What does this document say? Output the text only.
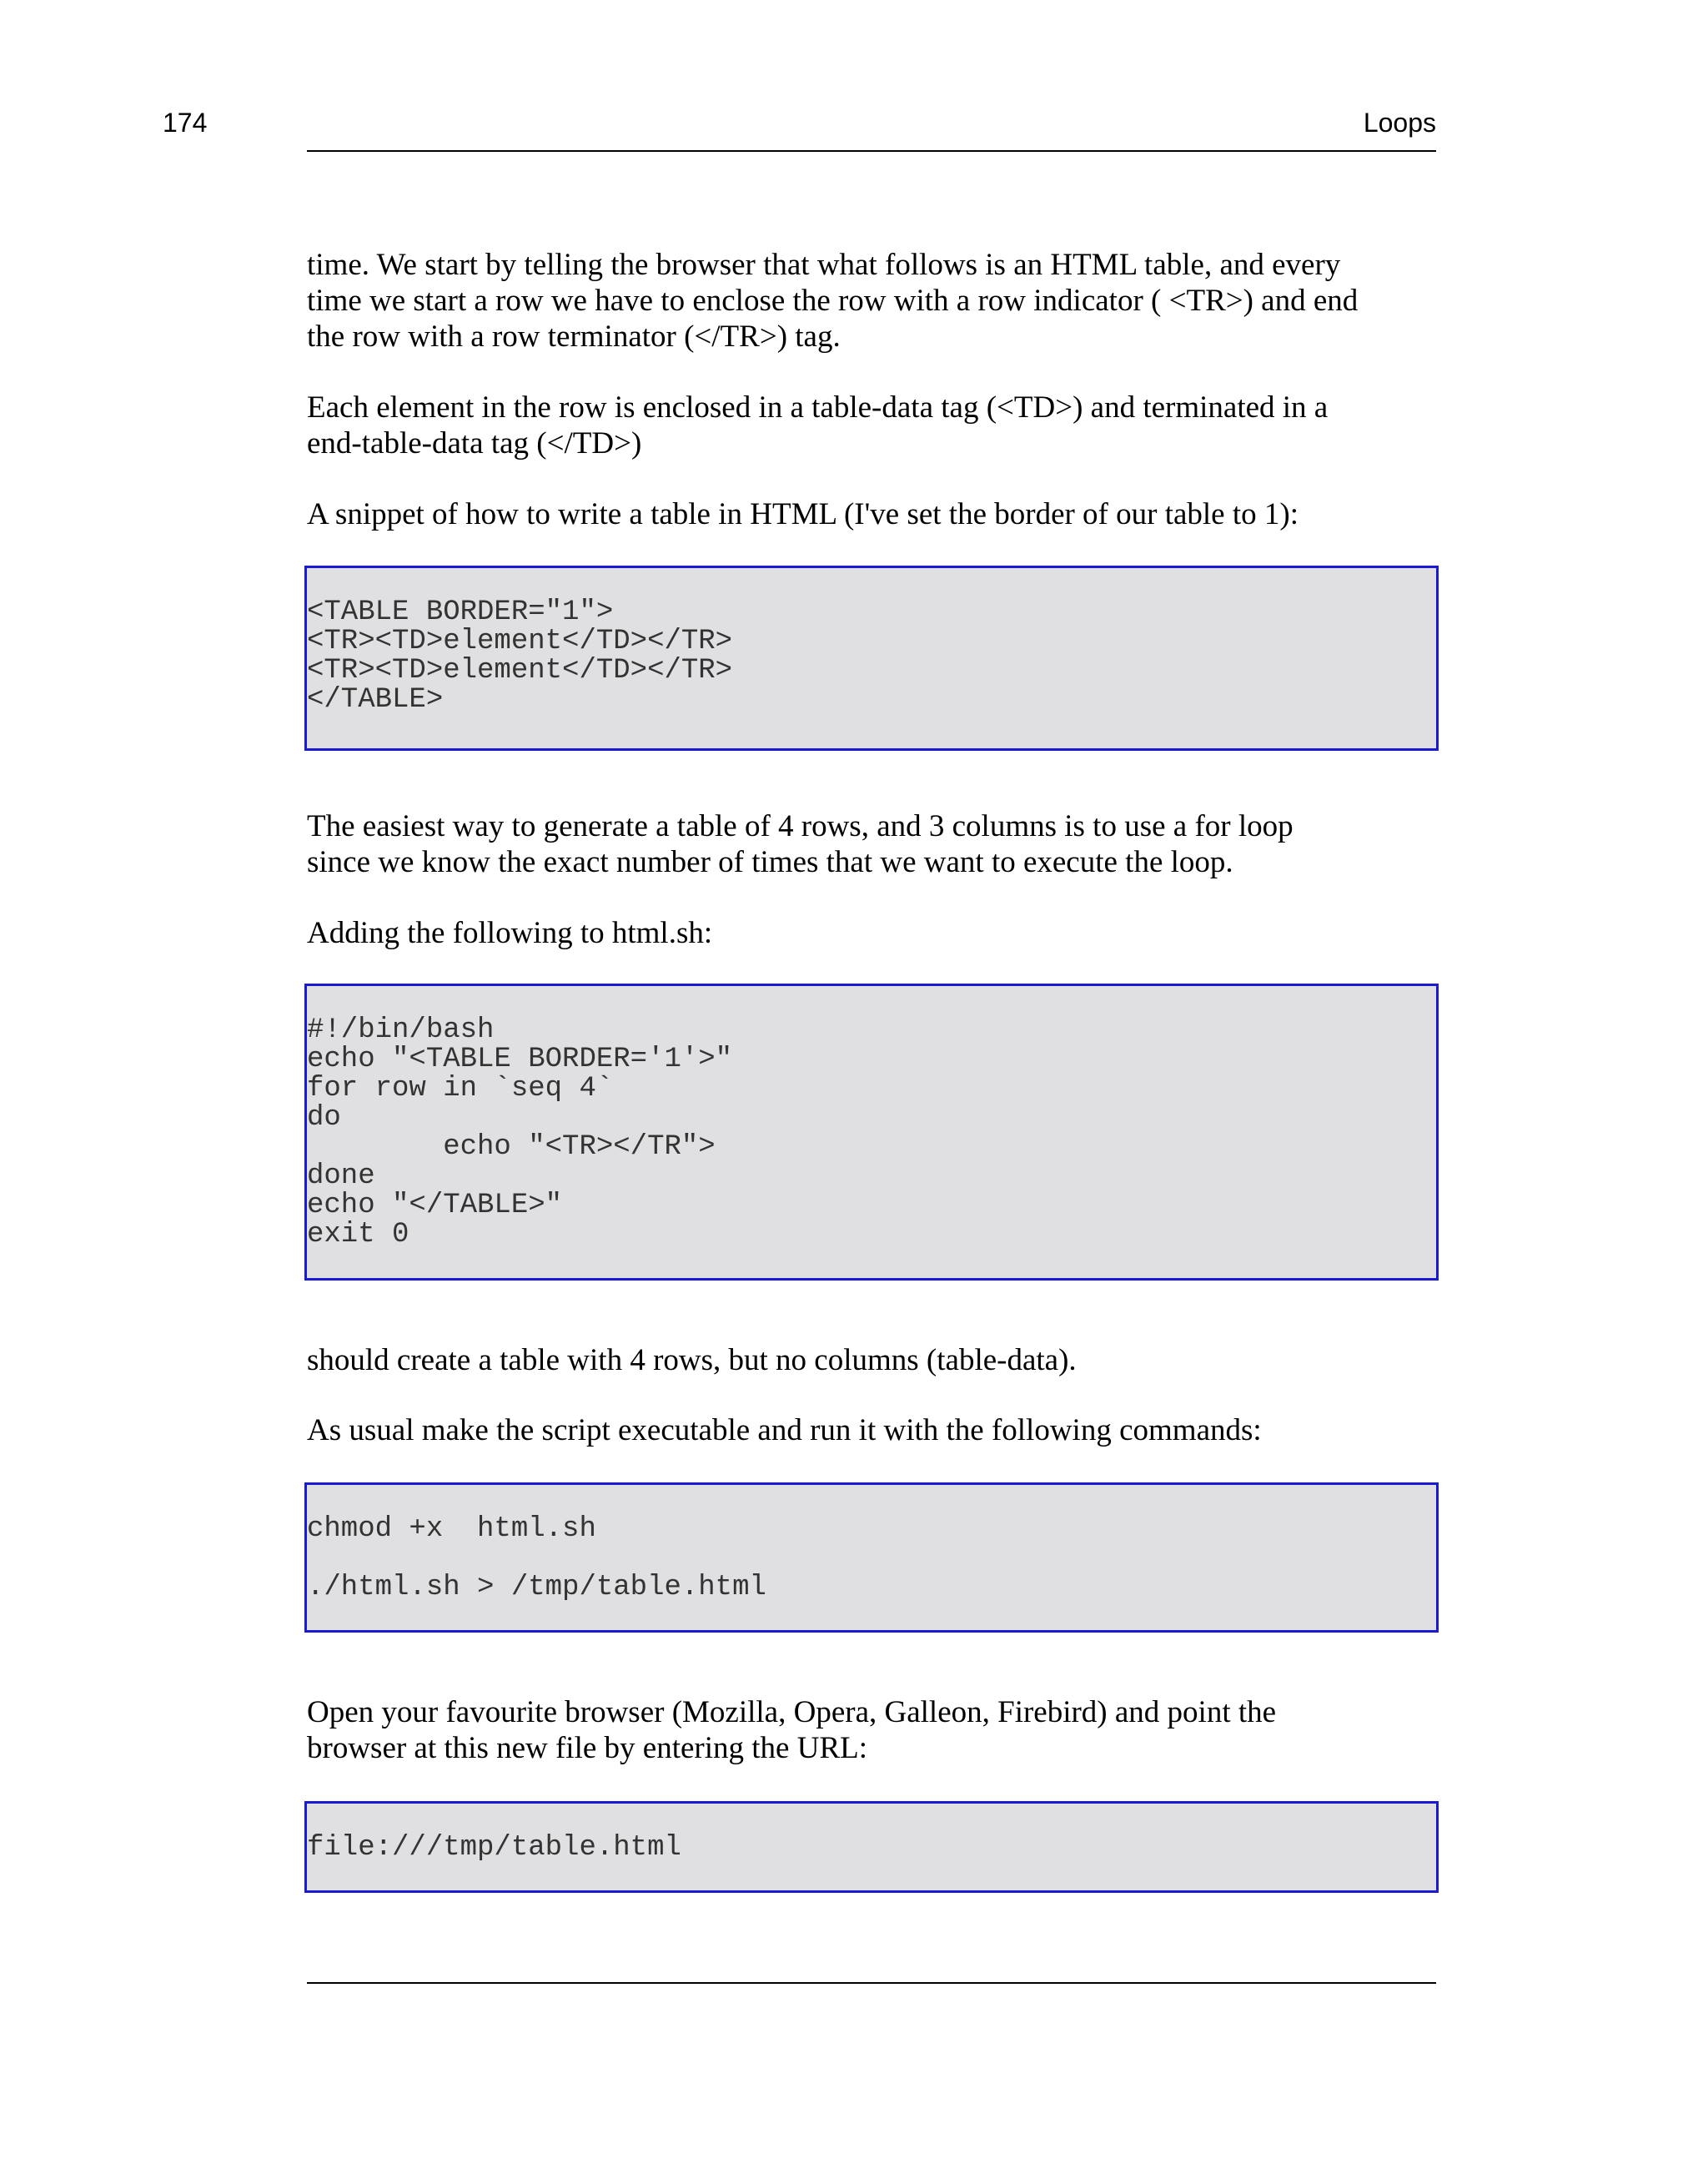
174	Loops

time. We start by telling the browser that what follows is an HTML table, and every
time we start a row we have to enclose the row with a row indicator ( <TR>) and end
the row with a row terminator (</TR>) tag.

Each element in the row is enclosed in a table-data tag (<TD>) and terminated in a
end-table-data tag (</TD>)

A snippet of how to write a table in HTML (I've set the border of our table to 1):

<TABLE BORDER="1">
<TR><TD>element</TD></TR>
<TR><TD>element</TD></TR>
</TABLE>

The easiest way to generate a table of 4 rows, and 3 columns is to use a for loop
since we know the exact number of times that we want to execute the loop.

Adding the following to html.sh:

#!/bin/bash
echo "<TABLE BORDER='1'>"
for row in `seq 4`
do
echo "<TR></TR">
done
echo "</TABLE>"
exit 0

should create a table with 4 rows, but no columns (table-data).

As usual make the script executable and run it with the following commands:

chmod +x  html.sh

./html.sh > /tmp/table.html

Open your favourite browser (Mozilla, Opera, Galleon, Firebird) and point the
browser at this new file by entering the URL:

file:///tmp/table.html
